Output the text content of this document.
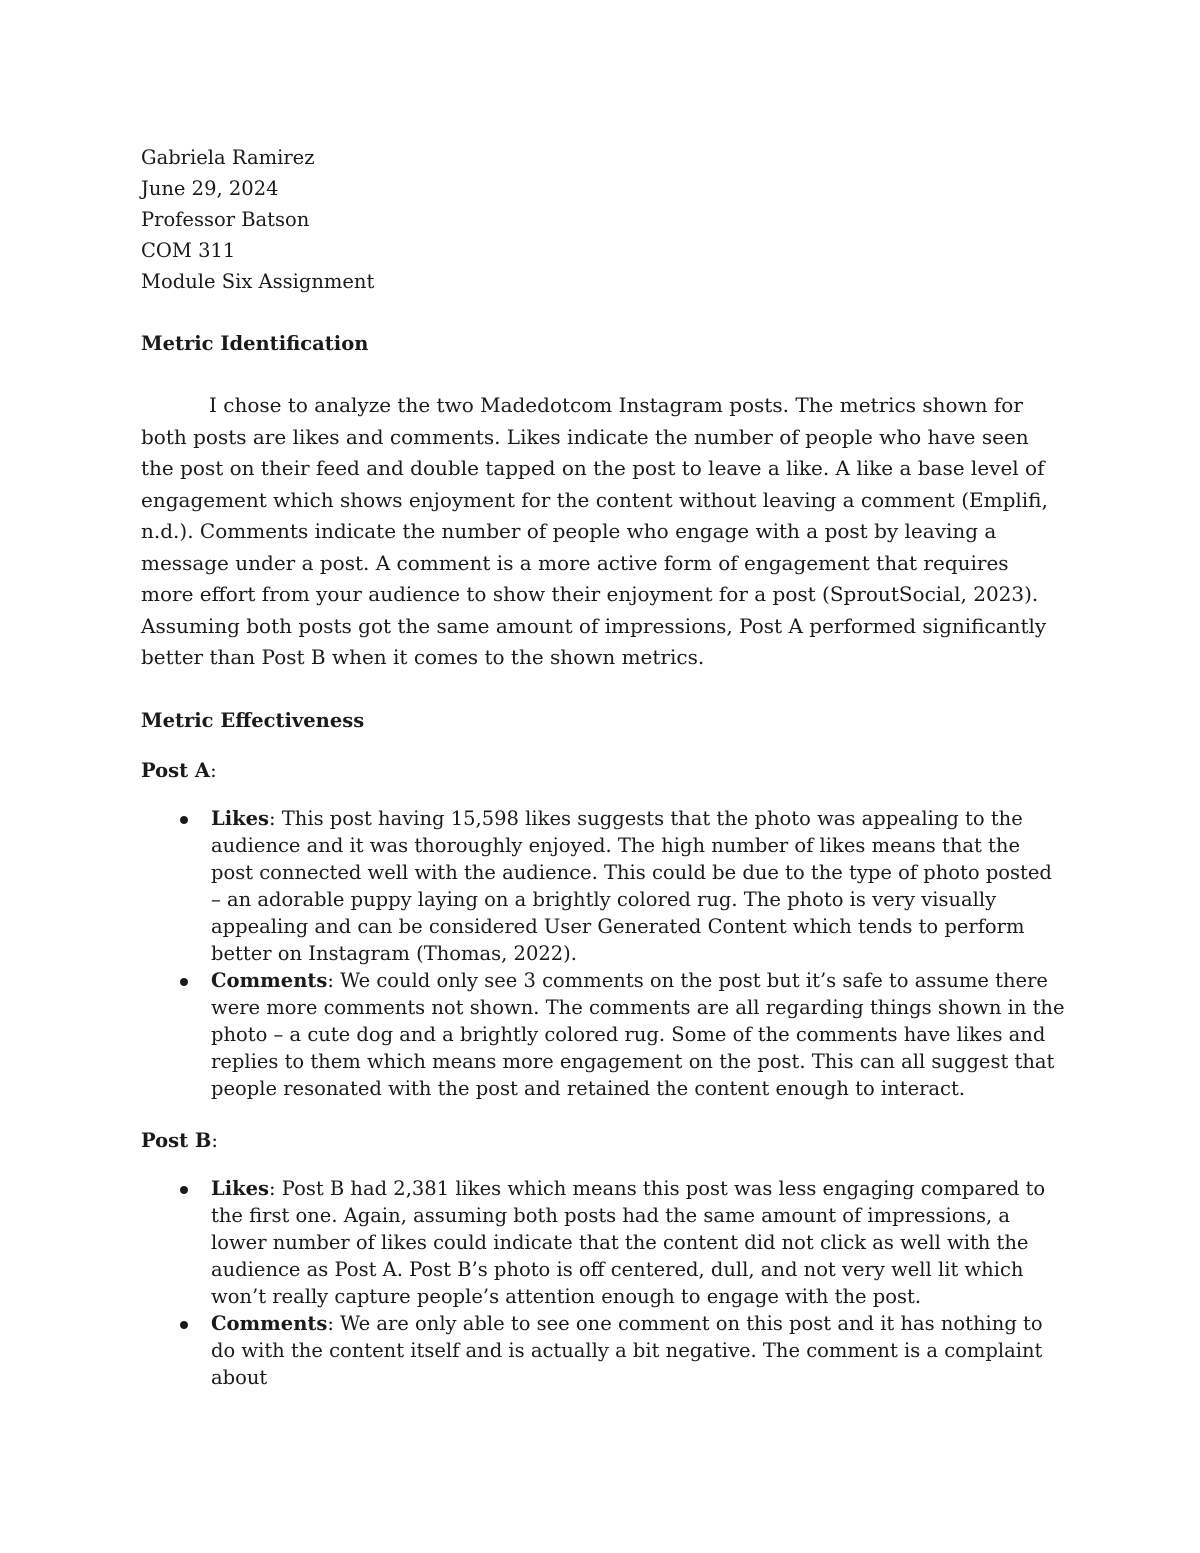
Gabriela Ramirez

June 29, 2024

Professor Batson

COM 311

Module Six Assignment

Metric Identification

I chose to analyze the two Madedotcom Instagram posts. The metrics shown for both posts are likes and comments. Likes indicate the number of people who have seen the post on their feed and double tapped on the post to leave a like. A like a base level of engagement which shows enjoyment for the content without leaving a comment (Emplifi, n.d.). Comments indicate the number of people who engage with a post by leaving a message under a post. A comment is a more active form of engagement that requires more effort from your audience to show their enjoyment for a post (SproutSocial, 2023). Assuming both posts got the same amount of impressions, Post A performed significantly better than Post B when it comes to the shown metrics.

Metric Effectiveness

Post A:

Likes: This post having 15,598 likes suggests that the photo was appealing to the audience and it was thoroughly enjoyed. The high number of likes means that the post connected well with the audience. This could be due to the type of photo posted – an adorable puppy laying on a brightly colored rug. The photo is very visually appealing and can be considered User Generated Content which tends to perform better on Instagram (Thomas, 2022).
Comments: We could only see 3 comments on the post but it’s safe to assume there were more comments not shown. The comments are all regarding things shown in the photo – a cute dog and a brightly colored rug. Some of the comments have likes and replies to them which means more engagement on the post. This can all suggest that people resonated with the post and retained the content enough to interact.

Post B:

Likes: Post B had 2,381 likes which means this post was less engaging compared to the first one. Again, assuming both posts had the same amount of impressions, a lower number of likes could indicate that the content did not click as well with the audience as Post A. Post B’s photo is off centered, dull, and not very well lit which won’t really capture people’s attention enough to engage with the post.
Comments: We are only able to see one comment on this post and it has nothing to do with the content itself and is actually a bit negative. The comment is a complaint about
